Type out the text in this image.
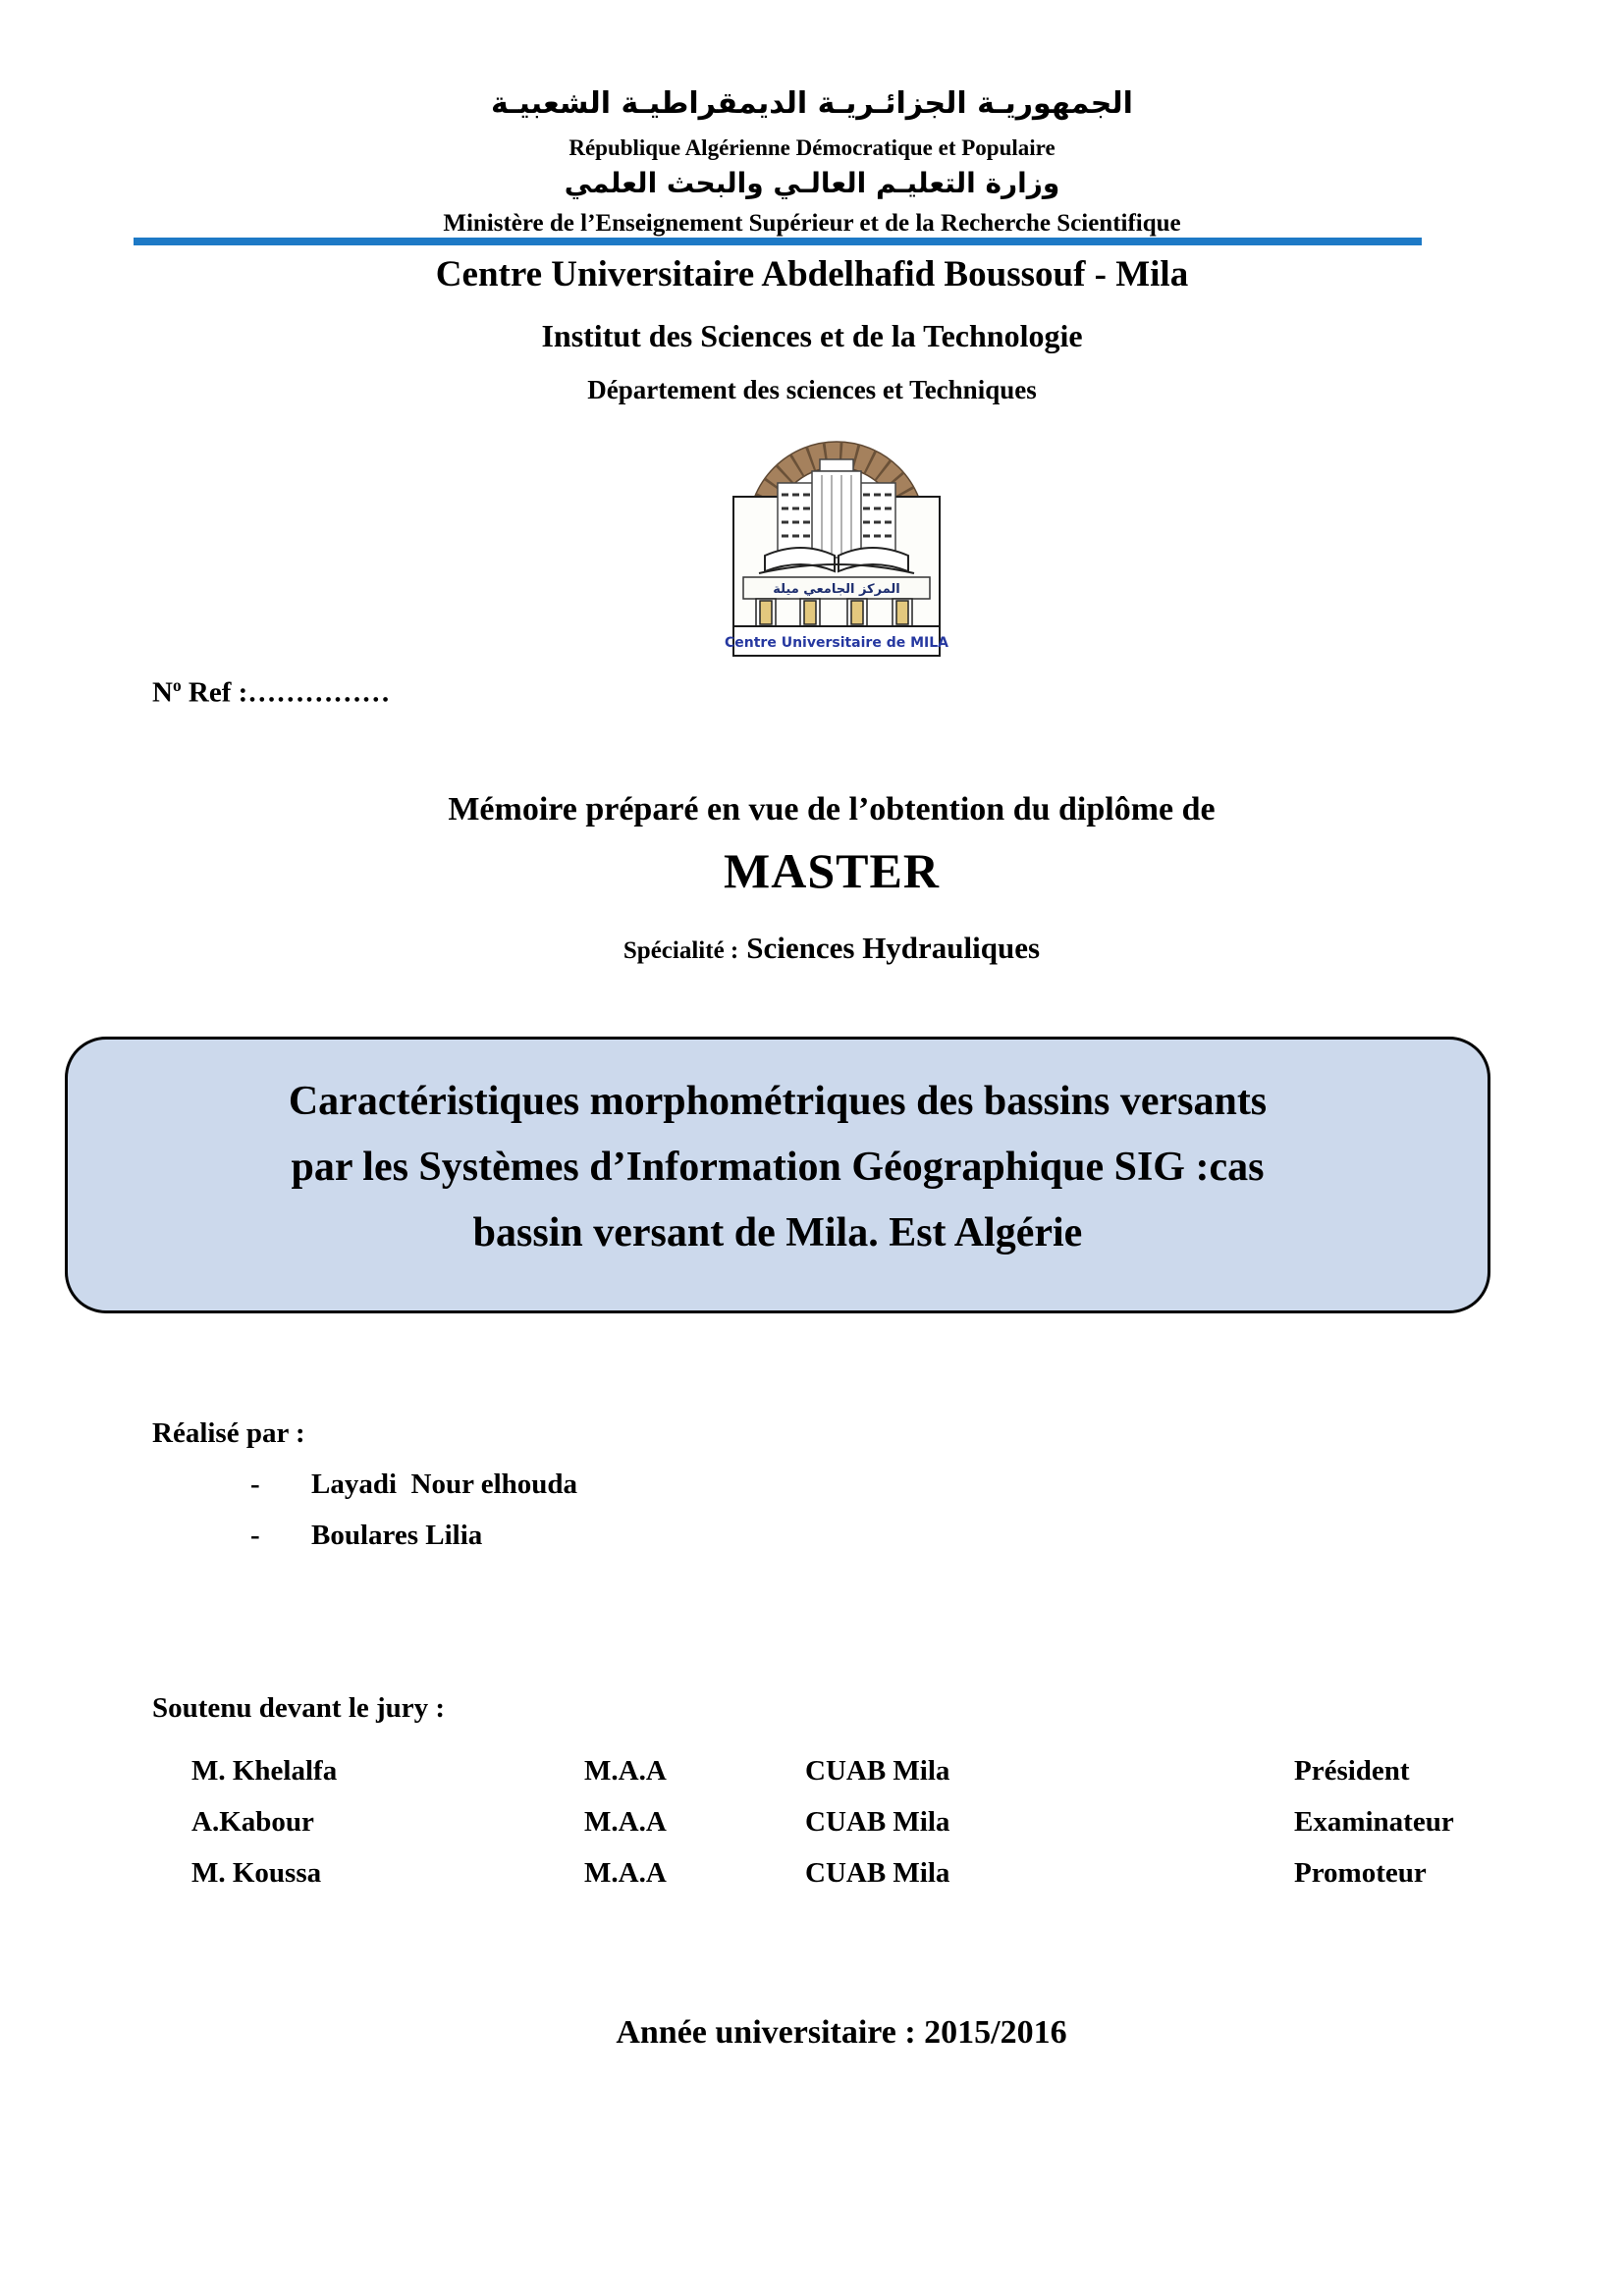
الجمهوريـة الجزائـريـة الديمقراطيـة الشعبيـة
République Algérienne Démocratique et Populaire
وزارة التعليـم العالـي والبحث العلمي
Ministère de l’Enseignement Supérieur et de la Recherche Scientifique
Centre Universitaire Abdelhafid Boussouf - Mila
Institut des Sciences et de la Technologie
Département des sciences et Techniques
المركز الجامعي ميلة
Centre Universitaire de MILA
$N^o$ Ref :……………
Mémoire préparé en vue de l’obtention du diplôme de
MASTER
Spécialité : Sciences Hydrauliques
Caractéristiques morphométriques des bassins versants
par les Systèmes d’Information Géographique SIG :cas
bassin versant de Mila. Est Algérie
Réalisé par :
- Layadi  Nour elhouda
- Boulares Lilia
Soutenu devant le jury :
M. Khelalfa	M.A.A	CUAB Mila	Président
A.Kabour	M.A.A	CUAB Mila	Examinateur
M. Koussa	M.A.A	CUAB Mila	Promoteur
Année universitaire : 2015/2016
